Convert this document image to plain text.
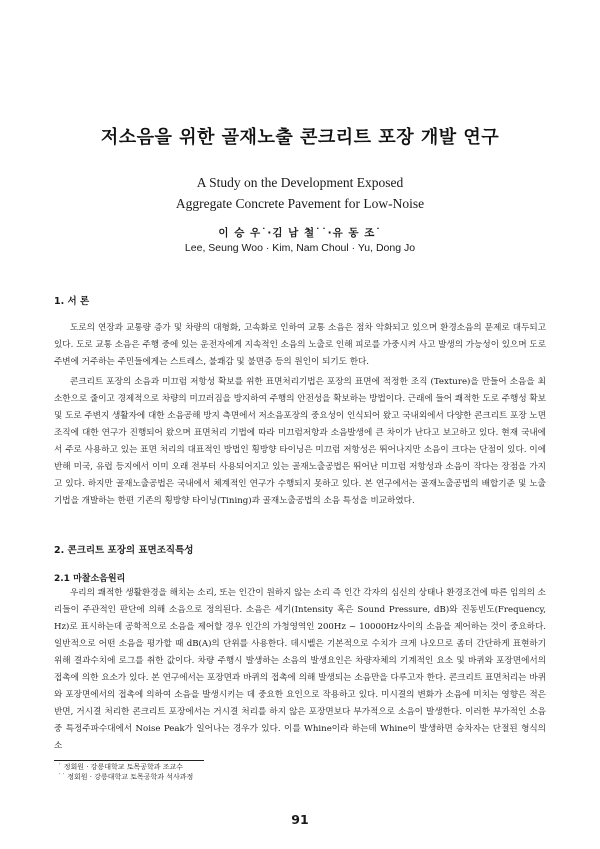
저소음을 위한 골재노출 콘크리트 포장 개발 연구
A Study on the Development Exposed
Aggregate Concrete Pavement for Low-Noise
이 승 우˙·김 남 철˙˙·유 동 조˙
Lee, Seung Woo · Kim, Nam Choul · Yu, Dong Jo
1. 서 론
도로의 연장과 교통량 증가 및 차량의 대형화, 고속화로 인하여 교통 소음은 점차 악화되고 있으며 환경소음의 문제로 대두되고 있다. 도로 교통 소음은 주행 중에 있는 운전자에게 지속적인 소음의 노출로 인해 피로를 가중시켜 사고 발생의 가능성이 있으며 도로 주변에 거주하는 주민들에게는 스트레스, 불쾌감 및 불면증 등의 원인이 되기도 한다.
콘크리트 포장의 소음과 미끄럼 저항성 확보를 위한 표면처리기법은 포장의 표면에 적정한 조직 (Texture)을 만들어 소음을 최소한으로 줄이고 경제적으로 차량의 미끄러짐을 방지하여 주행의 안전성을 확보하는 방법이다. 근래에 들어 쾌적한 도로 주행성 확보 및 도로 주변지 생활자에 대한 소음공해 방지 측면에서 저소음포장의 중요성이 인식되어 왔고 국내외에서 다양한 콘크리트 포장 노면조직에 대한 연구가 진행되어 왔으며 표면처리 기법에 따라 미끄럼저항과 소음발생에 큰 차이가 난다고 보고하고 있다. 현재 국내에서 주로 사용하고 있는 표면 처리의 대표적인 방법인 횡방향 타이닝은 미끄럼 저항성은 뛰어나지만 소음이 크다는 단점이 있다. 이에 반해 미국, 유럽 등지에서 이미 오래 전부터 사용되어지고 있는 골재노출공법은 뛰어난 미끄럼 저항성과 소음이 작다는 장점을 가지고 있다. 하지만 골재노출공법은 국내에서 체계적인 연구가 수행되지 못하고 있다. 본 연구에서는 골재노출공법의 배합기준 및 노출기법을 개발하는 한편 기존의 횡방향 타이닝(Tining)과 골재노출공법의 소음 특성을 비교하였다.
2. 콘크리트 포장의 표면조직특성
2.1 마찰소음원리
우리의 쾌적한 생활환경을 해치는 소리, 또는 인간이 원하지 않는 소리 즉 인간 각자의 심신의 상태나 환경조건에 따른 임의의 소리들이 주관적인 판단에 의해 소음으로 정의된다. 소음은 세기(Intensity 혹은 Sound Pressure, dB)와 진동빈도(Frequency, Hz)로 표시하는데 공학적으로 소음을 제어할 경우 인간의 가청영역인 200Hz ~ 10000Hz사이의 소음을 제어하는 것이 중요하다. 일반적으로 어떤 소음을 평가할 때 dB(A)의 단위를 사용한다. 데시벨은 기본적으로 수치가 크게 나오므로 좀더 간단하게 표현하기 위해 결과수치에 로그를 취한 값이다. 차량 주행시 발생하는 소음의 발생요인은 차량자체의 기계적인 요소 및 바퀴와 포장면에서의 접촉에 의한 요소가 있다. 본 연구에서는 포장면과 바퀴의 접촉에 의해 발생되는 소음만을 다루고자 한다. 콘크리트 표면처리는 바퀴와 포장면에서의 접촉에 의하여 소음을 발생시키는 데 중요한 요인으로 작용하고 있다. 미시결의 변화가 소음에 미치는 영향은 적은 반면, 거시결 처리한 콘크리트 포장에서는 거시결 처리를 하지 않은 포장면보다 부가적으로 소음이 발생한다. 이러한 부가적인 소음 중 특정주파수대에서 Noise Peak가 일어나는 경우가 있다. 이를 Whine이라 하는데 Whine이 발생하면 승차자는 단절된 형식의 소
˙ 정회원 · 강릉대학교 토목공학과 조교수
˙˙ 정회원 · 강릉대학교 토목공학과 석사과정
91
